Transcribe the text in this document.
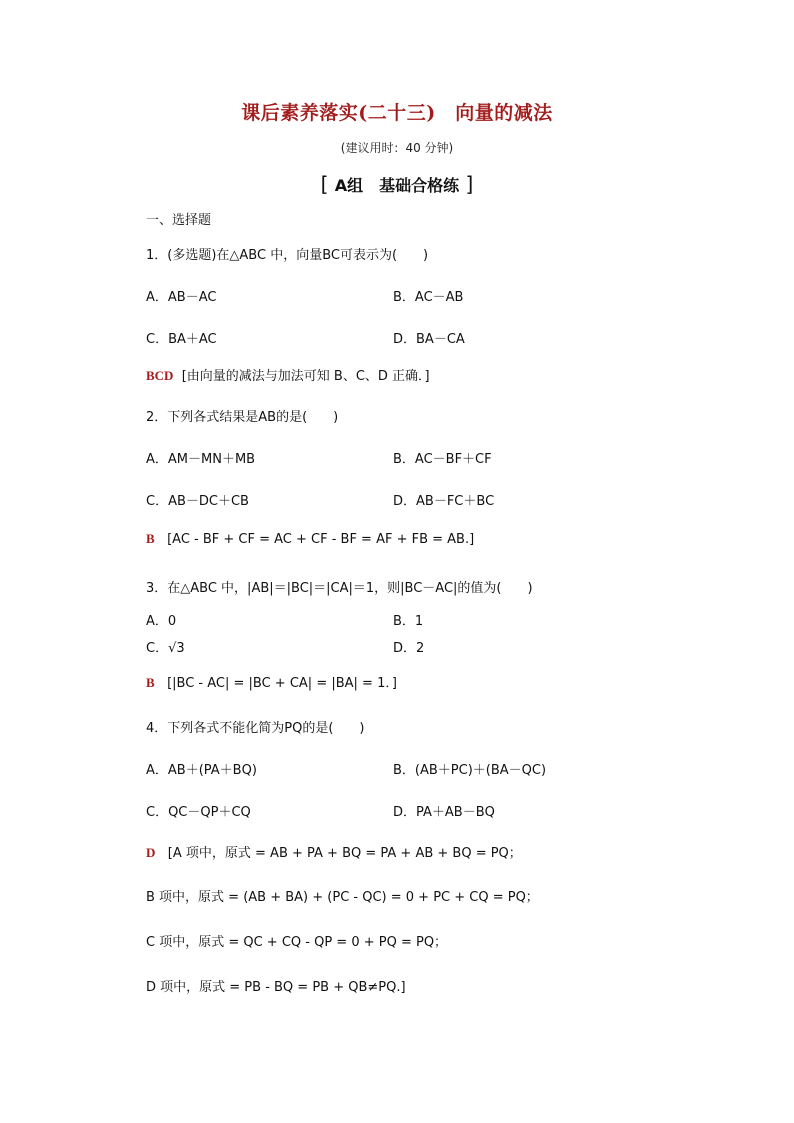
课后素养落实(二十三)　向量的减法
(建议用时：40 分钟)
[ A组　基础合格练 ]
一、选择题
1．(多选题)在△ABC 中，向量BC可表示为(　　)
A．AB－AC	B．AC－AB
C．BA＋AC	D．BA－CA
BCD [由向量的减法与加法可知 B、C、D 正确．]
2．下列各式结果是AB的是(　　)
A．AM－MN＋MB	B．AC－BF＋CF
C．AB－DC＋CB	D．AB－FC＋BC
B [AC - BF + CF = AC + CF - BF = AF + FB = AB.]
3．在△ABC 中，|AB|＝|BC|＝|CA|＝1，则|BC－AC|的值为(　　)
A．0	B．1
C．√3	D．2
B [|BC - AC| = |BC + CA| = |BA| = 1．]
4．下列各式不能化简为PQ的是(　　)
A．AB＋(PA＋BQ)	B．(AB＋PC)＋(BA－QC)
C．QC－QP＋CQ	D．PA＋AB－BQ
D [A 项中，原式 = AB + PA + BQ = PA + AB + BQ = PQ；
B 项中，原式 = (AB + BA) + (PC - QC) = 0 + PC + CQ = PQ；
C 项中，原式 = QC + CQ - QP = 0 + PQ = PQ；
D 项中，原式 = PB - BQ = PB + QB≠PQ.]
